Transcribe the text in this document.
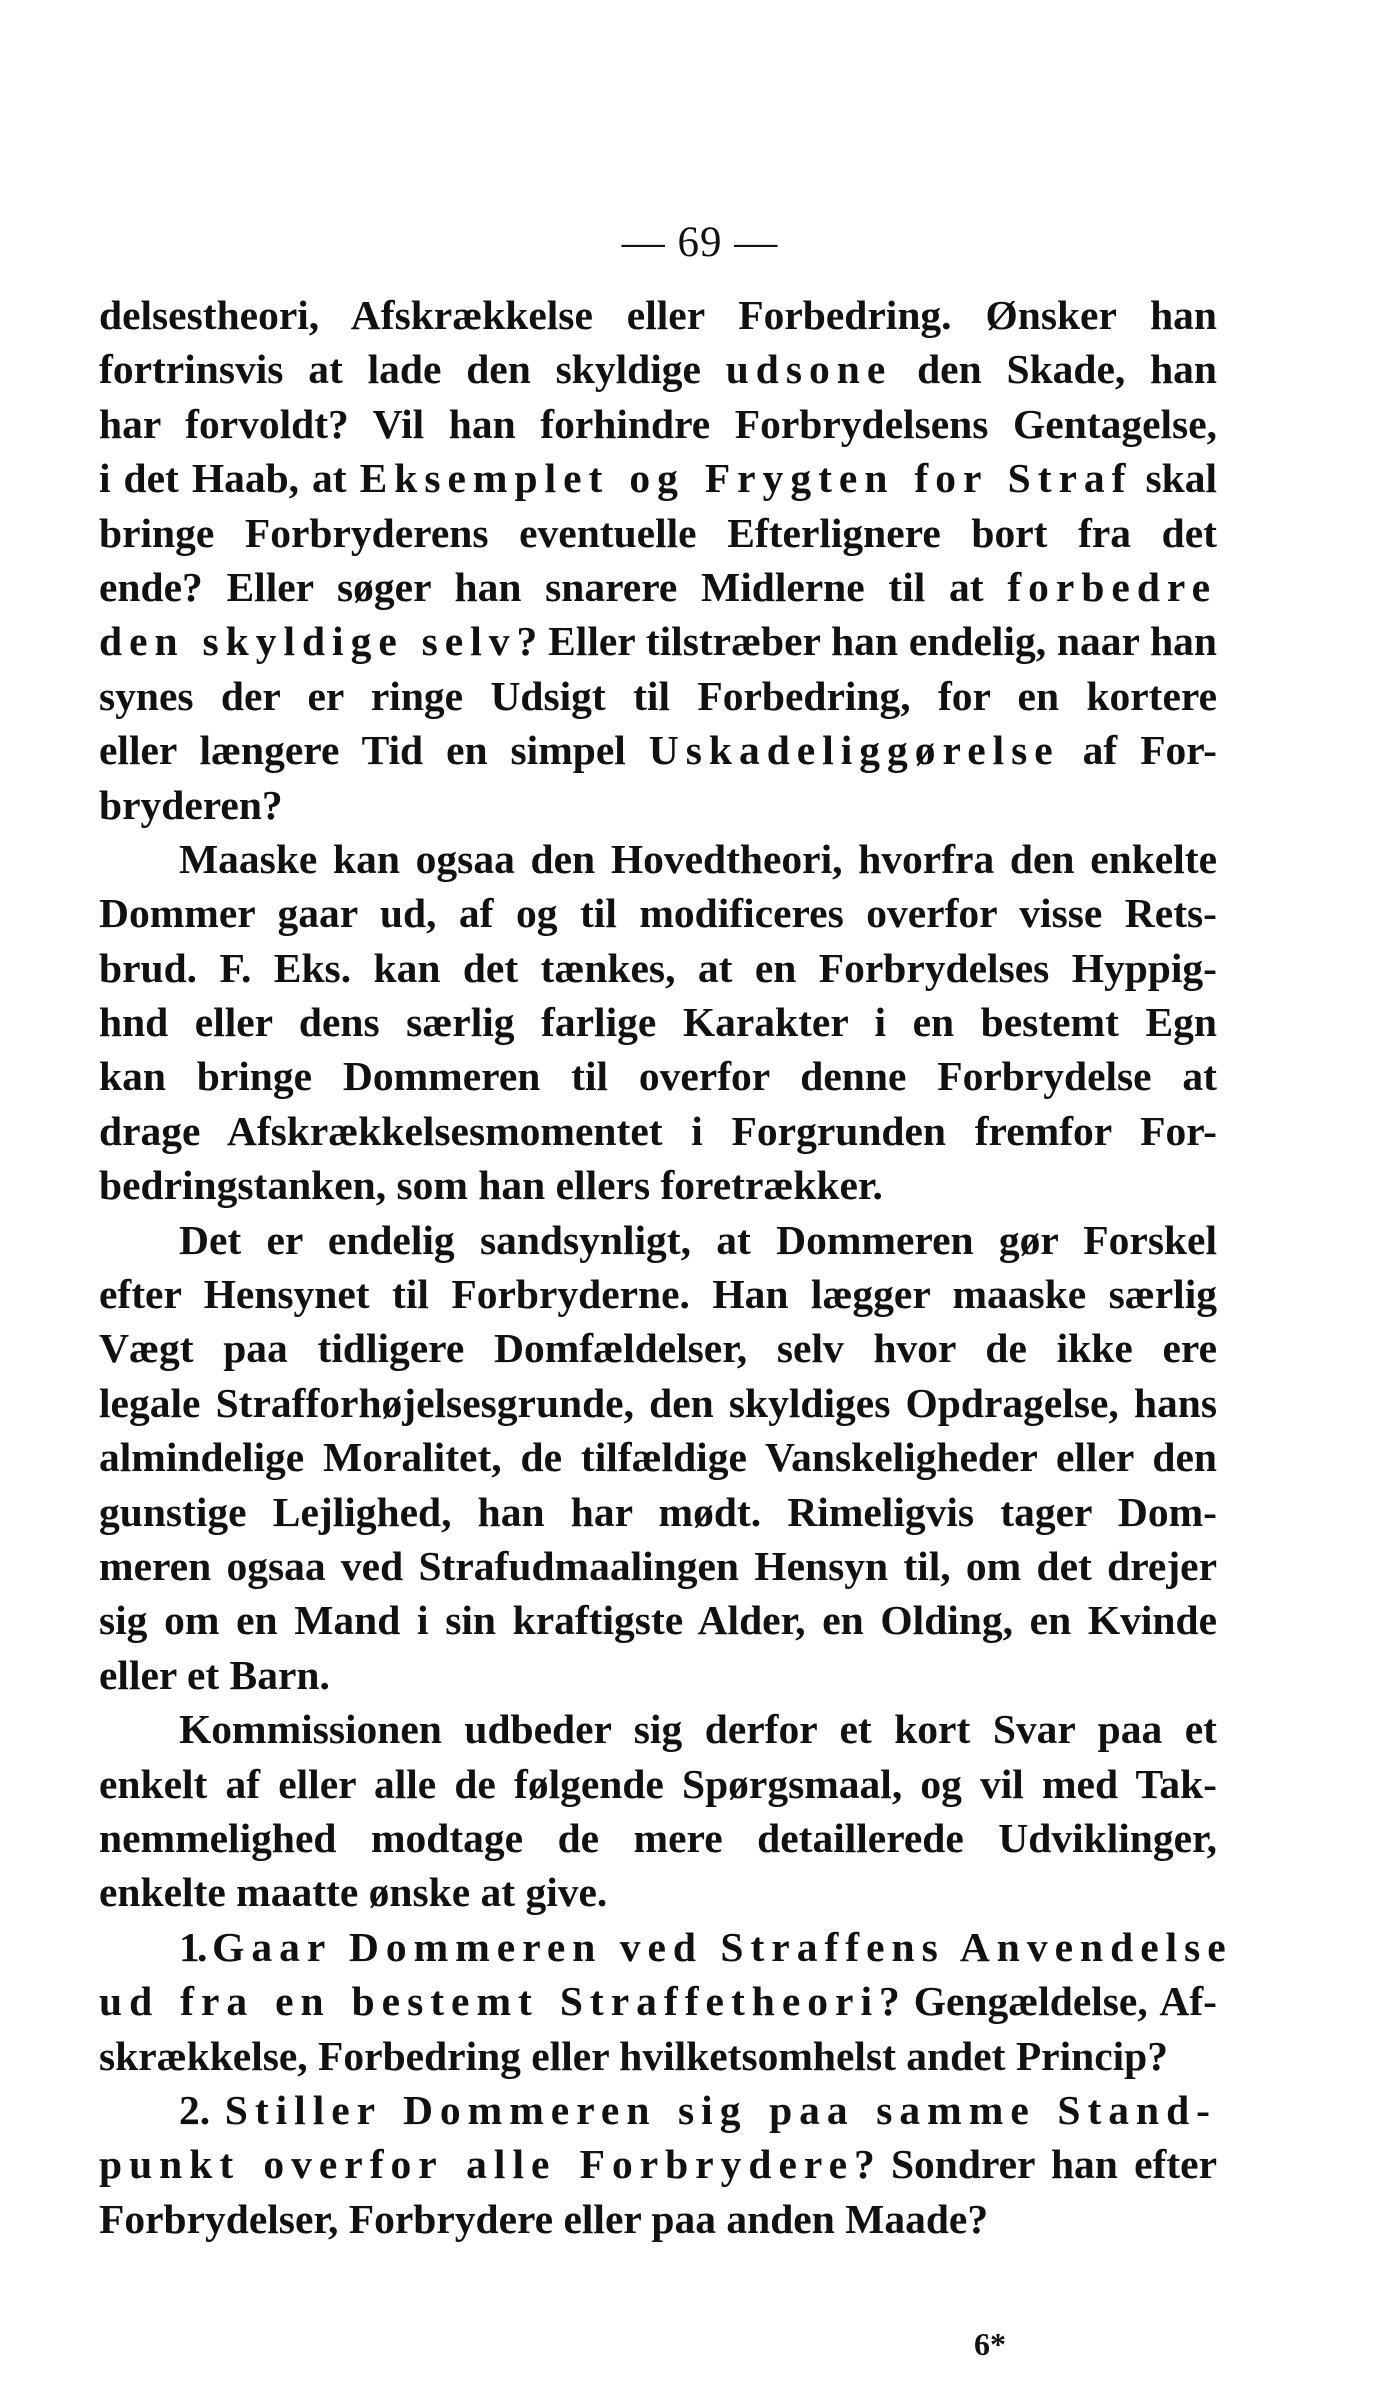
— 69 —
delsestheori, Afskrækkelse eller Forbedring. Ønsker han
fortrinsvis at lade den skyldige udsone den Skade, han
har forvoldt? Vil han forhindre Forbrydelsens Gentagelse,
i det Haab, at Eksemplet og Frygten for Straf skal
bringe Forbryderens eventuelle Efterlignere bort fra det
ende? Eller søger han snarere Midlerne til at forbedre
den skyldige selv? Eller tilstræber han endelig, naar han
synes der er ringe Udsigt til Forbedring, for en kortere
eller længere Tid en simpel Uskadeliggørelse af For-
bryderen?
Maaske kan ogsaa den Hovedtheori, hvorfra den enkelte
Dommer gaar ud, af og til modificeres overfor visse Rets-
brud. F. Eks. kan det tænkes, at en Forbrydelses Hyppig-
hnd eller dens særlig farlige Karakter i en bestemt Egn
kan bringe Dommeren til overfor denne Forbrydelse at
drage Afskrækkelsesmomentet i Forgrunden fremfor For-
bedringstanken, som han ellers foretrækker.
Det er endelig sandsynligt, at Dommeren gør Forskel
efter Hensynet til Forbryderne. Han lægger maaske særlig
Vægt paa tidligere Domfældelser, selv hvor de ikke ere
legale Strafforhøjelsesgrunde, den skyldiges Opdragelse, hans
almindelige Moralitet, de tilfældige Vanskeligheder eller den
gunstige Lejlighed, han har mødt. Rimeligvis tager Dom-
meren ogsaa ved Strafudmaalingen Hensyn til, om det drejer
sig om en Mand i sin kraftigste Alder, en Olding, en Kvinde
eller et Barn.
Kommissionen udbeder sig derfor et kort Svar paa et
enkelt af eller alle de følgende Spørgsmaal, og vil med Tak-
nemmelighed modtage de mere detaillerede Udviklinger,
enkelte maatte ønske at give.
1. Gaar Dommeren ved Straffens Anvendelse
ud fra en bestemt Straffetheori? Gengældelse, Af-
skrækkelse, Forbedring eller hvilketsomhelst andet Princip?
2. Stiller Dommeren sig paa samme Stand-
punkt overfor alle Forbrydere? Sondrer han efter
Forbrydelser, Forbrydere eller paa anden Maade?
6*
